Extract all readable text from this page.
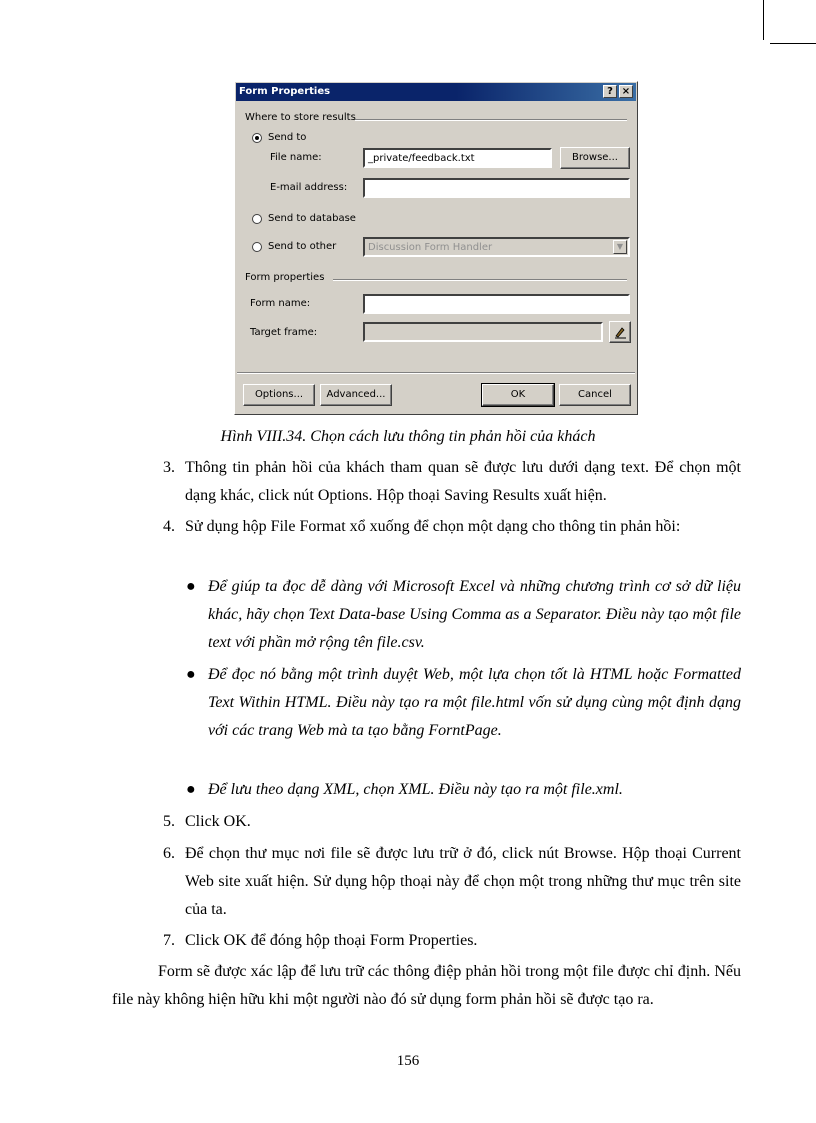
Form Properties	? ×
Where to store results
Send to
File name:	_private/feedback.txt	Browse...
E-mail address:
Send to database
Send to other	Discussion Form Handler	▼
Form properties
Form name:
Target frame:
Options...	Advanced...	OK	Cancel
Hình VIII.34. Chọn cách lưu thông tin phản hồi của khách
3. Thông tin phản hồi của khách tham quan sẽ được lưu dưới dạng text. Để chọn một dạng khác, click nút Options. Hộp thoại Saving Results xuất hiện.
4. Sử dụng hộp File Format xổ xuống để chọn một dạng cho thông tin phản hồi:
● Để giúp ta đọc dễ dàng với Microsoft Excel và những chương trình cơ sở dữ liệu khác, hãy chọn Text Data-base Using Comma as a Separator. Điều này tạo một file text với phần mở rộng tên file.csv.
● Để đọc nó bằng một trình duyệt Web, một lựa chọn tốt là HTML hoặc Formatted Text Within HTML. Điều này tạo ra một file.html vốn sử dụng cùng một định dạng với các trang Web mà ta tạo bằng ForntPage.
● Để lưu theo dạng XML, chọn XML. Điều này tạo ra một file.xml.
5. Click OK.
6. Để chọn thư mục nơi file sẽ được lưu trữ ở đó, click nút Browse. Hộp thoại Current Web site xuất hiện. Sử dụng hộp thoại này để chọn một trong những thư mục trên site của ta.
7. Click OK để đóng hộp thoại Form Properties.

Form sẽ được xác lập để lưu trữ các thông điệp phản hồi trong một file được chỉ định. Nếu file này không hiện hữu khi một người nào đó sử dụng form phản hồi sẽ được tạo ra.

156
